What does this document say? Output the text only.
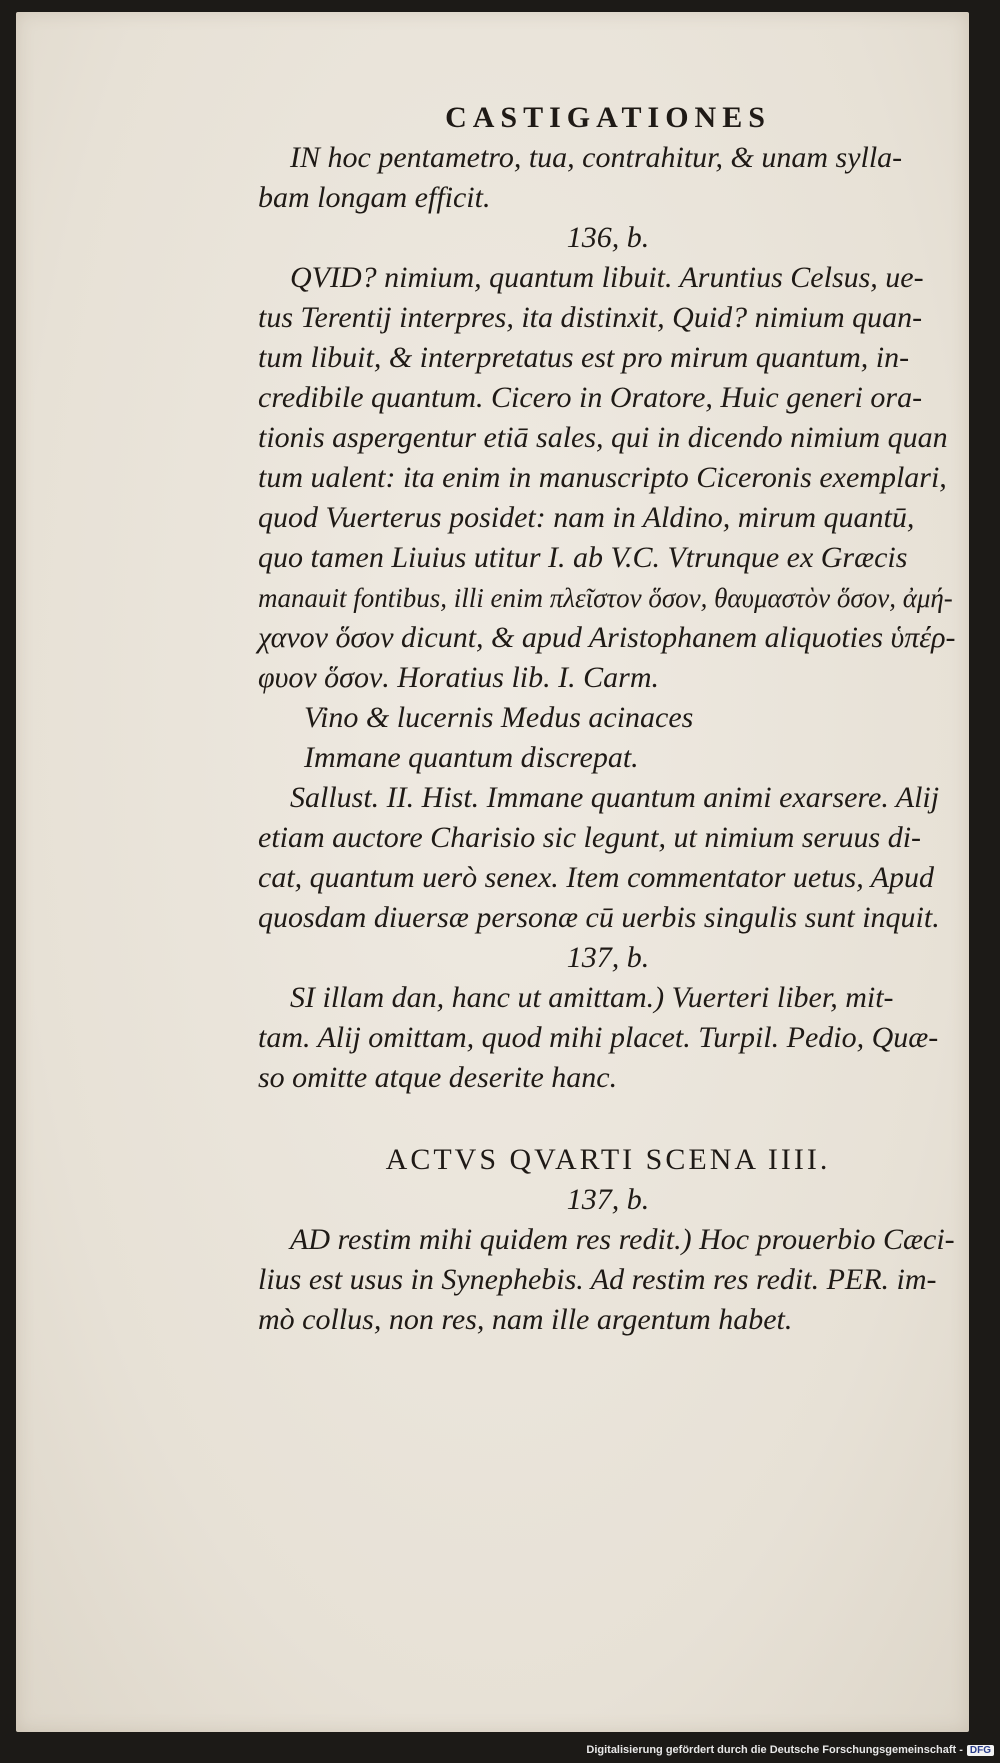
CASTIGATIONES
IN hoc pentametro, tua, contrahitur, & unam sylla-
bam longam efficit.
136, b.
QVID? nimium, quantum libuit. Aruntius Celsus, ue-
tus Terentij interpres, ita distinxit, Quid? nimium quan-
tum libuit, & interpretatus est pro mirum quantum, in-
credibile quantum. Cicero in Oratore, Huic generi ora-
tionis aspergentur etiā sales, qui in dicendo nimium quan
tum ualent: ita enim in manuscripto Ciceronis exemplari,
quod Vuerterus posidet: nam in Aldino, mirum quantū,
quo tamen Liuius utitur I. ab V.C. Vtrunque ex Græcis
manauit fontibus, illi enim πλεῖστον ὅσον, θαυμαστὸν ὅσον, ἀμή-
χανον ὅσον dicunt, & apud Aristophanem aliquoties ὑπέρ-
φυον ὅσον. Horatius lib. I. Carm.
Vino & lucernis Medus acinaces
Immane quantum discrepat.
Sallust. II. Hist. Immane quantum animi exarsere. Alij
etiam auctore Charisio sic legunt, ut nimium seruus di-
cat, quantum uerò senex. Item commentator uetus, Apud
quosdam diuersæ personæ cū uerbis singulis sunt inquit.
137, b.
SI illam dan, hanc ut amittam.) Vuerteri liber, mit-
tam. Alij omittam, quod mihi placet. Turpil. Pedio, Quæ-
so omitte atque deserite hanc.
ACTVS QVARTI SCENA IIII.
137, b.
AD restim mihi quidem res redit.) Hoc prouerbio Cæci-
lius est usus in Synephebis. Ad restim res redit. PER. im-
mò collus, non res, nam ille argentum habet.
Digitalisierung gefördert durch die Deutsche Forschungsgemeinschaft - DFG
